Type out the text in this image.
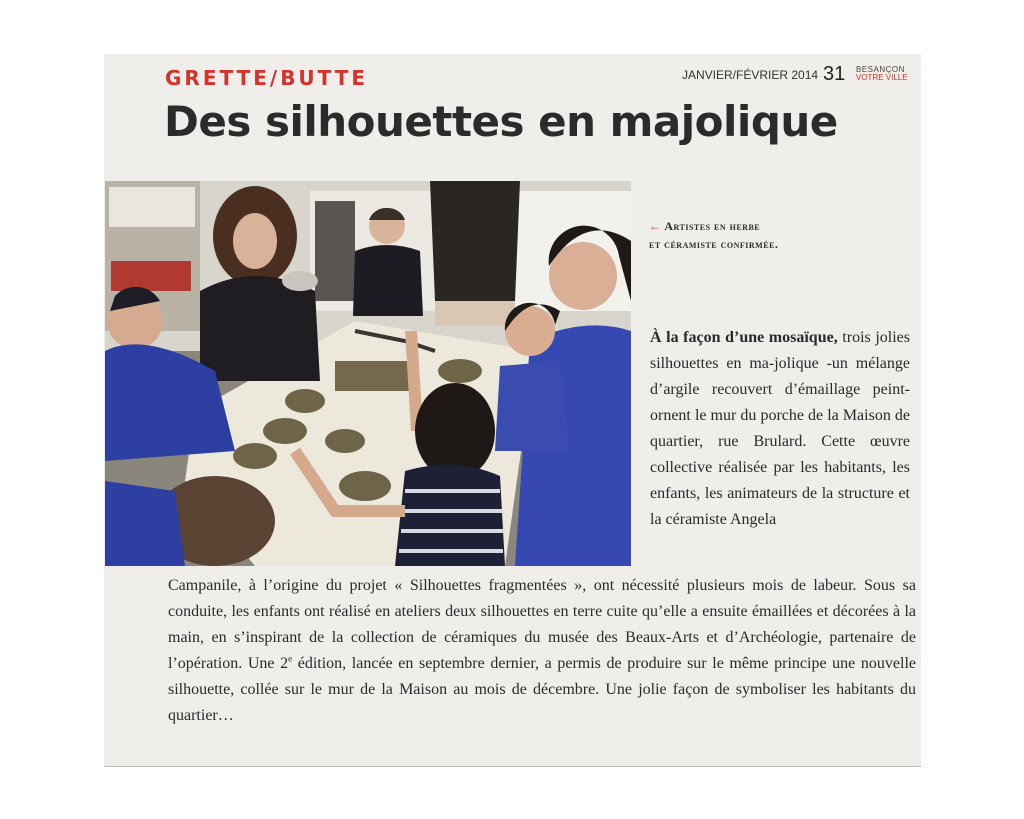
GRETTE/BUTTE	JANVIER/FÉVRIER 2014 31 BESANÇON
VOTRE VILLE
Des silhouettes en majolique
← Artistes en herbe
et céramiste confirmée.
À la façon d’une mosaïque, trois jolies silhouettes en ma-jolique -un mélange d’argile recouvert d’émaillage peint- ornent le mur du porche de la Maison de quartier, rue Brulard. Cette œuvre collective réalisée par les habitants, les enfants, les animateurs de la structure et la céramiste Angela
Campanile, à l’origine du projet « Silhouettes fragmentées », ont nécessité plusieurs mois de labeur. Sous sa conduite, les enfants ont réalisé en ateliers deux silhouettes en terre cuite qu’elle a ensuite émaillées et décorées à la main, en s’inspirant de la collection de céramiques du musée des Beaux-Arts et d’Archéologie, partenaire de l’opération. Une 2e édition, lancée en septembre dernier, a permis de produire sur le même principe une nouvelle silhouette, collée sur le mur de la Maison au mois de décembre. Une jolie façon de symboliser les habitants du quartier…
